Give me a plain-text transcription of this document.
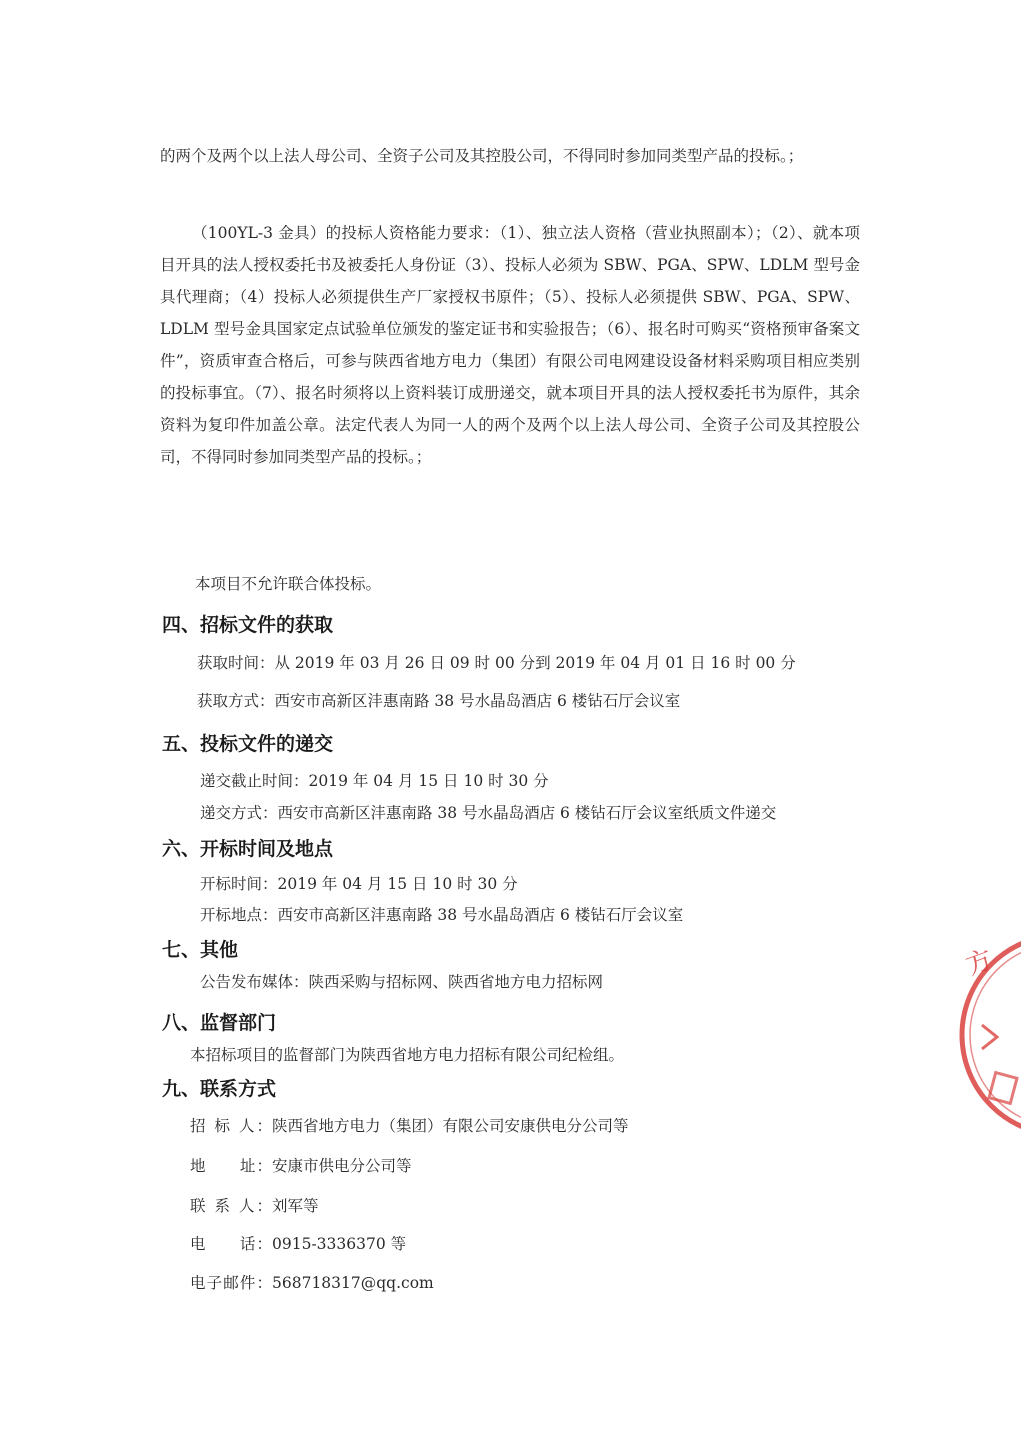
的两个及两个以上法人母公司、全资子公司及其控股公司，不得同时参加同类型产品的投标。；

（100YL-3 金具）的投标人资格能力要求：（1）、独立法人资格（营业执照副本）；（2）、就本项目开具的法人授权委托书及被委托人身份证（3）、投标人必须为 SBW、PGA、SPW、LDLM 型号金具代理商；（4）投标人必须提供生产厂家授权书原件；（5）、投标人必须提供 SBW、PGA、SPW、LDLM 型号金具国家定点试验单位颁发的鉴定证书和实验报告；（6）、报名时可购买“资格预审备案文件”，资质审查合格后，可参与陕西省地方电力（集团）有限公司电网建设设备材料采购项目相应类别的投标事宜。（7）、报名时须将以上资料装订成册递交，就本项目开具的法人授权委托书为原件，其余资料为复印件加盖公章。法定代表人为同一人的两个及两个以上法人母公司、全资子公司及其控股公司，不得同时参加同类型产品的投标。；

本项目不允许联合体投标。

四、招标文件的获取

获取时间：从 2019 年 03 月 26 日 09 时 00 分到 2019 年 04 月 01 日 16 时 00 分

获取方式：西安市高新区沣惠南路 38 号水晶岛酒店 6 楼钻石厅会议室

五、投标文件的递交

递交截止时间：2019 年 04 月 15 日 10 时 30 分

递交方式：西安市高新区沣惠南路 38 号水晶岛酒店 6 楼钻石厅会议室纸质文件递交

六、开标时间及地点

开标时间：2019 年 04 月 15 日 10 时 30 分

开标地点：西安市高新区沣惠南路 38 号水晶岛酒店 6 楼钻石厅会议室

七、其他

公告发布媒体：陕西采购与招标网、陕西省地方电力招标网

八、监督部门

本招标项目的监督部门为陕西省地方电力招标有限公司纪检组。

九、联系方式
招 标 人：陕西省地方电力（集团）有限公司安康供电分公司等
地　　址：安康市供电分公司等
联 系 人：刘军等
电　　话：0915-3336370 等
电子邮件：568718317@qq.com
方
